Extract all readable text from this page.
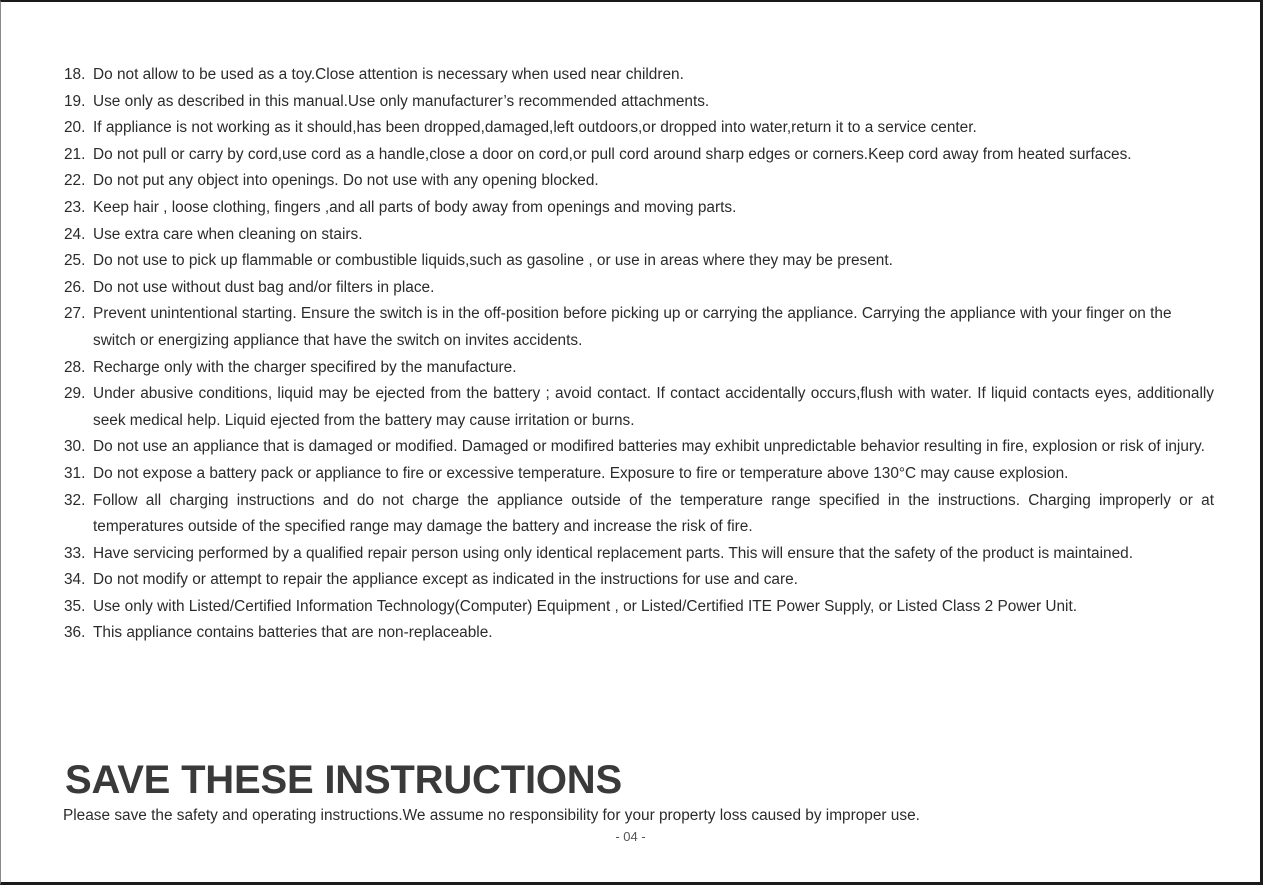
18. Do not allow to be used as a toy.Close attention is necessary when used near children.
19. Use only as described in this manual.Use only manufacturer’s recommended attachments.
20. If appliance is not working as it should,has been dropped,damaged,left outdoors,or dropped into water,return it to a service center.
21. Do not pull or carry by cord,use cord as a handle,close a door on cord,or pull cord around sharp edges or corners.Keep cord away from heated surfaces.
22. Do not put any object into openings. Do not use with any opening blocked.
23. Keep hair , loose clothing, fingers ,and all parts of body away from openings and moving parts.
24. Use extra care when cleaning on stairs.
25. Do not use to pick up flammable or combustible liquids,such as gasoline , or use in areas where they may be present.
26. Do not use without dust bag and/or filters in place.
27. Prevent unintentional starting. Ensure the switch is in the off-position before picking up or carrying the appliance. Carrying the appliance with your finger on the switch or energizing appliance that have the switch on invites accidents.
28. Recharge only with the charger specifired by the manufacture.
29. Under abusive conditions, liquid may be ejected from the battery ; avoid contact. If contact accidentally occurs,flush with water. If liquid contacts eyes, additionally seek medical help. Liquid ejected from the battery may cause irritation or burns.
30. Do not use an appliance that is damaged or modified. Damaged or modifired batteries may exhibit unpredictable behavior resulting in fire, explosion or risk of injury.
31. Do not expose a battery pack or appliance to fire or excessive temperature. Exposure to fire or temperature above 130°C may cause explosion.
32. Follow all charging instructions and do not charge the appliance outside of the temperature range specified in the instructions. Charging improperly or at temperatures outside of the specified range may damage the battery and increase the risk of fire.
33. Have servicing performed by a qualified repair person using only identical replacement parts. This will ensure that the safety of the product is maintained.
34. Do not modify or attempt to repair the appliance except as indicated in the instructions for use and care.
35. Use only with Listed/Certified Information Technology(Computer) Equipment , or Listed/Certified ITE Power Supply, or Listed Class 2 Power Unit.
36. This appliance contains batteries that are non-replaceable.
SAVE THESE INSTRUCTIONS

Please save the safety and operating instructions.We assume no responsibility for your property loss caused by improper use.

- 04 -
